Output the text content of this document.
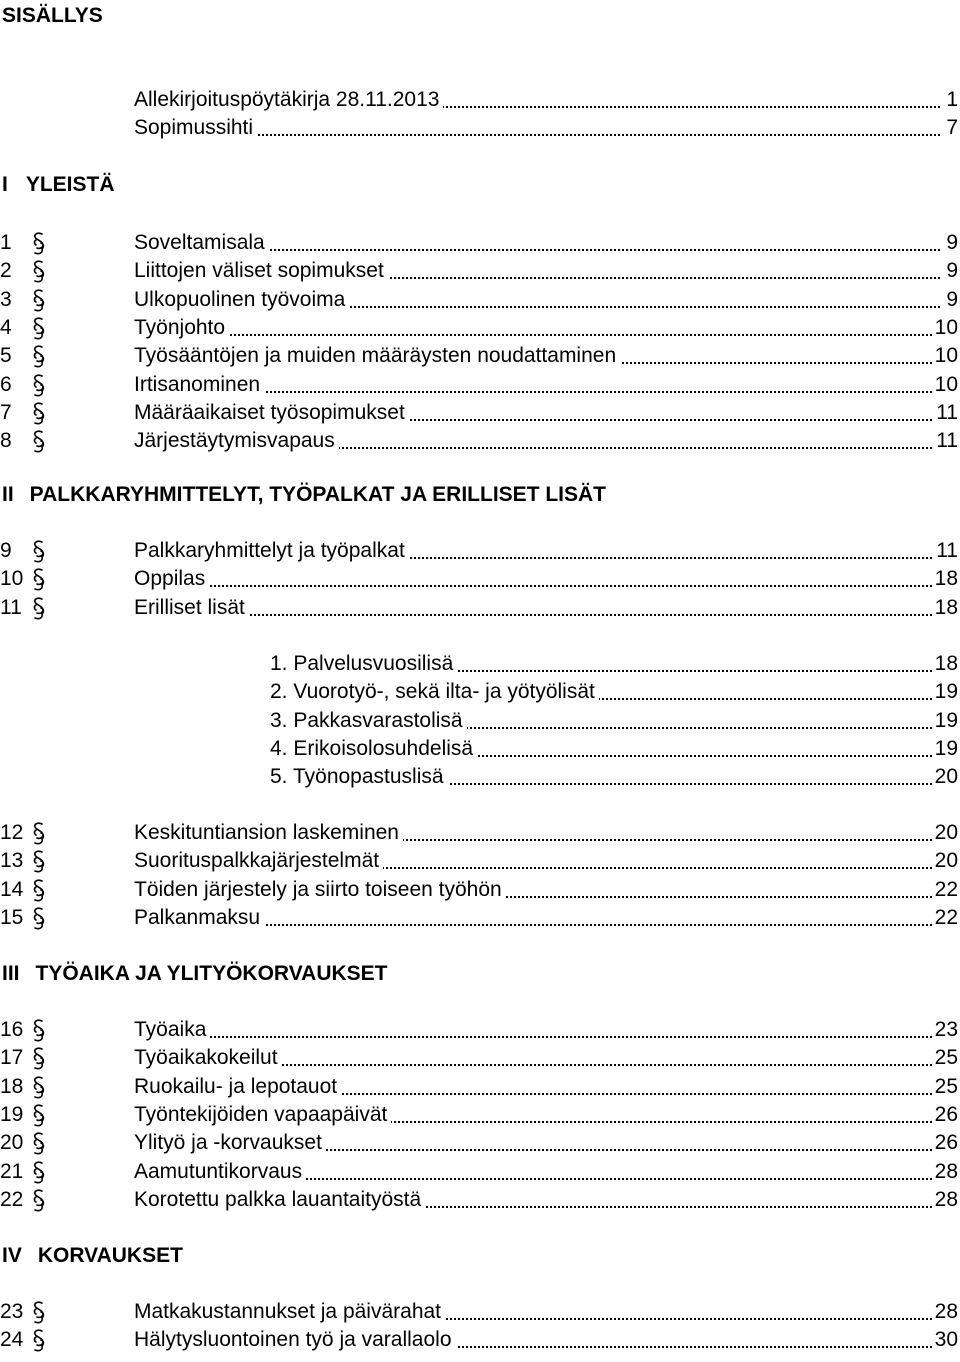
SISÄLLYS
Allekirjoituspöytäkirja 28.11.2013	1
Sopimussihti	7
I YLEISTÄ
1	Soveltamisala	9
2	Liittojen väliset sopimukset	9
3	Ulkopuolinen työvoima	9
4	Työnjohto	10
5	Työsääntöjen ja muiden määräysten noudattaminen	10
6	Irtisanominen	10
7	Määräaikaiset työsopimukset	11
8	Järjestäytymisvapaus	11
II PALKKARYHMITTELYT, TYÖPALKAT JA ERILLISET LISÄT
9	Palkkaryhmittelyt ja työpalkat	11
10	Oppilas	18
11	Erilliset lisät	18
1. Palvelusvuosilisä	18
2. Vuorotyö-, sekä ilta- ja yötyölisät	19
3. Pakkasvarastolisä	19
4. Erikoisolosuhdelisä	19
5. Työnopastuslisä	20
12	Keskituntiansion laskeminen	20
13	Suorituspalkkajärjestelmät	20
14	Töiden järjestely ja siirto toiseen työhön	22
15	Palkanmaksu	22
III TYÖAIKA JA YLITYÖKORVAUKSET
16	Työaika	23
17	Työaikakokeilut	25
18	Ruokailu- ja lepotauot	25
19	Työntekijöiden vapaapäivät	26
20	Ylityö ja -korvaukset	26
21	Aamutuntikorvaus	28
22	Korotettu palkka lauantaityöstä	28
IV KORVAUKSET
23	Matkakustannukset ja päivärahat	28
24	Hälytysluontoinen työ ja varallaolo	30
